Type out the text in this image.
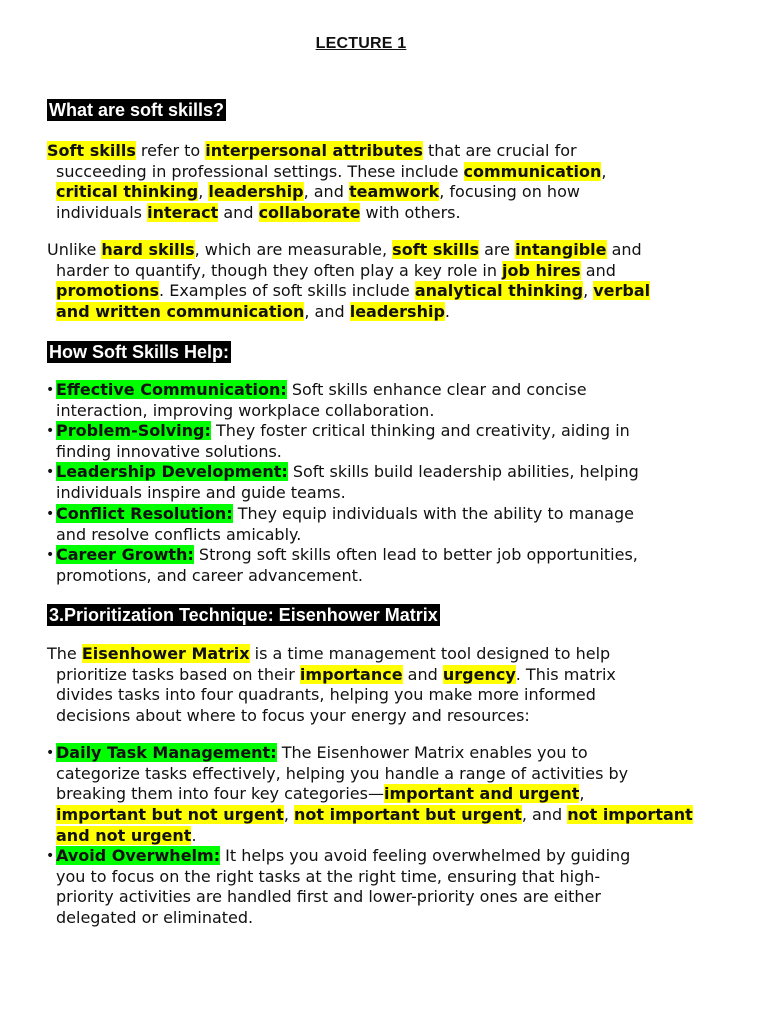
LECTURE 1
What are soft skills?
Soft skills refer to interpersonal attributes that are crucial for
succeeding in professional settings. These include communication,
critical thinking, leadership, and teamwork, focusing on how
individuals interact and collaborate with others.
Unlike hard skills, which are measurable, soft skills are intangible and
harder to quantify, though they often play a key role in job hires and
promotions. Examples of soft skills include analytical thinking, verbal
and written communication, and leadership.
How Soft Skills Help:
• Effective Communication: Soft skills enhance clear and concise
interaction, improving workplace collaboration.
• Problem-Solving: They foster critical thinking and creativity, aiding in
finding innovative solutions.
• Leadership Development: Soft skills build leadership abilities, helping
individuals inspire and guide teams.
• Conflict Resolution: They equip individuals with the ability to manage
and resolve conflicts amicably.
• Career Growth: Strong soft skills often lead to better job opportunities,
promotions, and career advancement.
3.Prioritization Technique: Eisenhower Matrix
The Eisenhower Matrix is a time management tool designed to help
prioritize tasks based on their importance and urgency. This matrix
divides tasks into four quadrants, helping you make more informed
decisions about where to focus your energy and resources:
• Daily Task Management: The Eisenhower Matrix enables you to
categorize tasks effectively, helping you handle a range of activities by
breaking them into four key categories—important and urgent,
important but not urgent, not important but urgent, and not important
and not urgent.
• Avoid Overwhelm: It helps you avoid feeling overwhelmed by guiding
you to focus on the right tasks at the right time, ensuring that high-
priority activities are handled first and lower-priority ones are either
delegated or eliminated.
